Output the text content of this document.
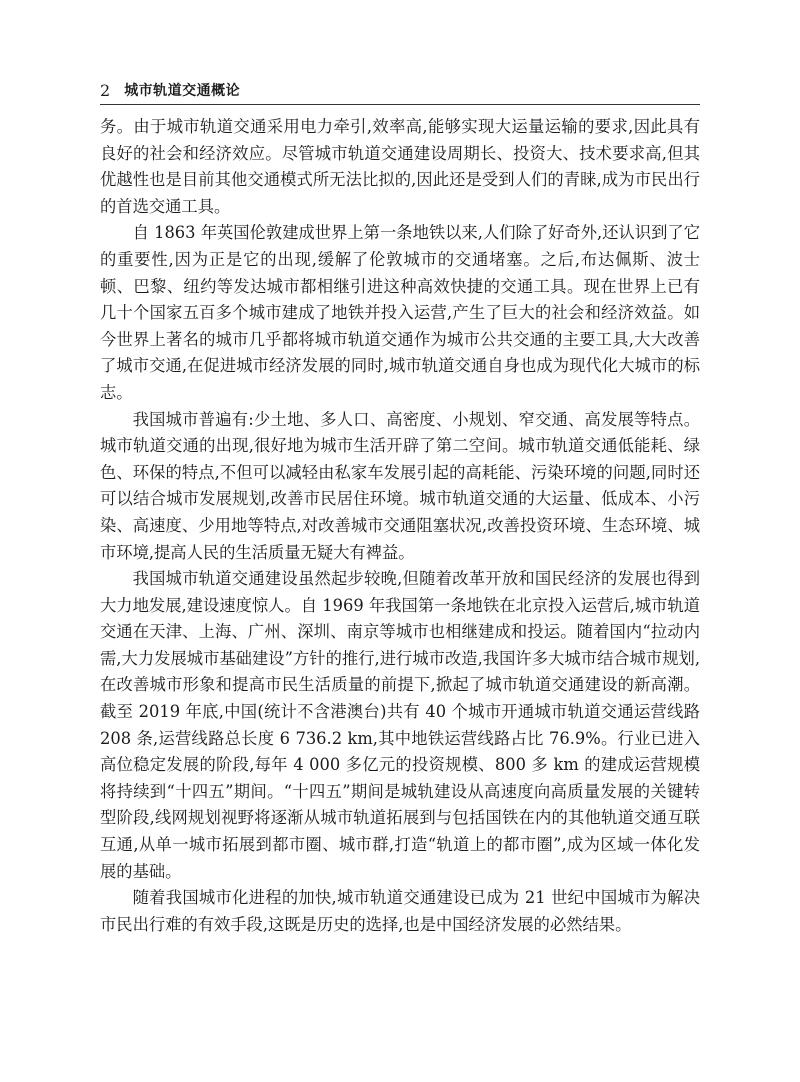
2 城市轨道交通概论

务。由于城市轨道交通采用电力牵引,效率高,能够实现大运量运输的要求,因此具有良好的社会和经济效应。尽管城市轨道交通建设周期长、投资大、技术要求高,但其优越性也是目前其他交通模式所无法比拟的,因此还是受到人们的青睐,成为市民出行的首选交通工具。

自 1863 年英国伦敦建成世界上第一条地铁以来,人们除了好奇外,还认识到了它的重要性,因为正是它的出现,缓解了伦敦城市的交通堵塞。之后,布达佩斯、波士顿、巴黎、纽约等发达城市都相继引进这种高效快捷的交通工具。现在世界上已有几十个国家五百多个城市建成了地铁并投入运营,产生了巨大的社会和经济效益。如今世界上著名的城市几乎都将城市轨道交通作为城市公共交通的主要工具,大大改善了城市交通,在促进城市经济发展的同时,城市轨道交通自身也成为现代化大城市的标志。

我国城市普遍有:少土地、多人口、高密度、小规划、窄交通、高发展等特点。城市轨道交通的出现,很好地为城市生活开辟了第二空间。城市轨道交通低能耗、绿色、环保的特点,不但可以减轻由私家车发展引起的高耗能、污染环境的问题,同时还可以结合城市发展规划,改善市民居住环境。城市轨道交通的大运量、低成本、小污染、高速度、少用地等特点,对改善城市交通阻塞状况,改善投资环境、生态环境、城市环境,提高人民的生活质量无疑大有裨益。

我国城市轨道交通建设虽然起步较晚,但随着改革开放和国民经济的发展也得到大力地发展,建设速度惊人。自 1969 年我国第一条地铁在北京投入运营后,城市轨道交通在天津、上海、广州、深圳、南京等城市也相继建成和投运。随着国内“拉动内需,大力发展城市基础建设”方针的推行,进行城市改造,我国许多大城市结合城市规划,在改善城市形象和提高市民生活质量的前提下,掀起了城市轨道交通建设的新高潮。截至 2019 年底,中国(统计不含港澳台)共有 40 个城市开通城市轨道交通运营线路 208 条,运营线路总长度 6 736.2 km,其中地铁运营线路占比 76.9%。行业已进入高位稳定发展的阶段,每年 4 000 多亿元的投资规模、800 多 km 的建成运营规模将持续到“十四五”期间。“十四五”期间是城轨建设从高速度向高质量发展的关键转型阶段,线网规划视野将逐渐从城市轨道拓展到与包括国铁在内的其他轨道交通互联互通,从单一城市拓展到都市圈、城市群,打造“轨道上的都市圈”,成为区域一体化发展的基础。

随着我国城市化进程的加快,城市轨道交通建设已成为 21 世纪中国城市为解决市民出行难的有效手段,这既是历史的选择,也是中国经济发展的必然结果。
